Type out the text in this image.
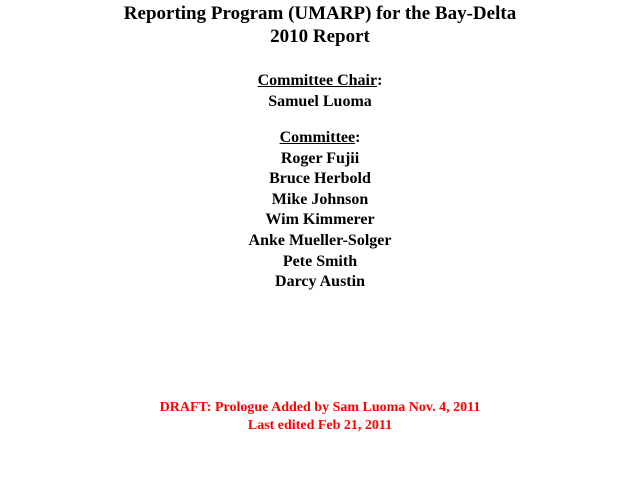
Reporting Program (UMARP) for the Bay-Delta
2010 Report
Committee Chair:
Samuel Luoma
Committee:
Roger Fujii
Bruce Herbold
Mike Johnson
Wim Kimmerer
Anke Mueller-Solger
Pete Smith
Darcy Austin
DRAFT: Prologue Added by Sam Luoma Nov. 4, 2011
Last edited Feb 21, 2011
